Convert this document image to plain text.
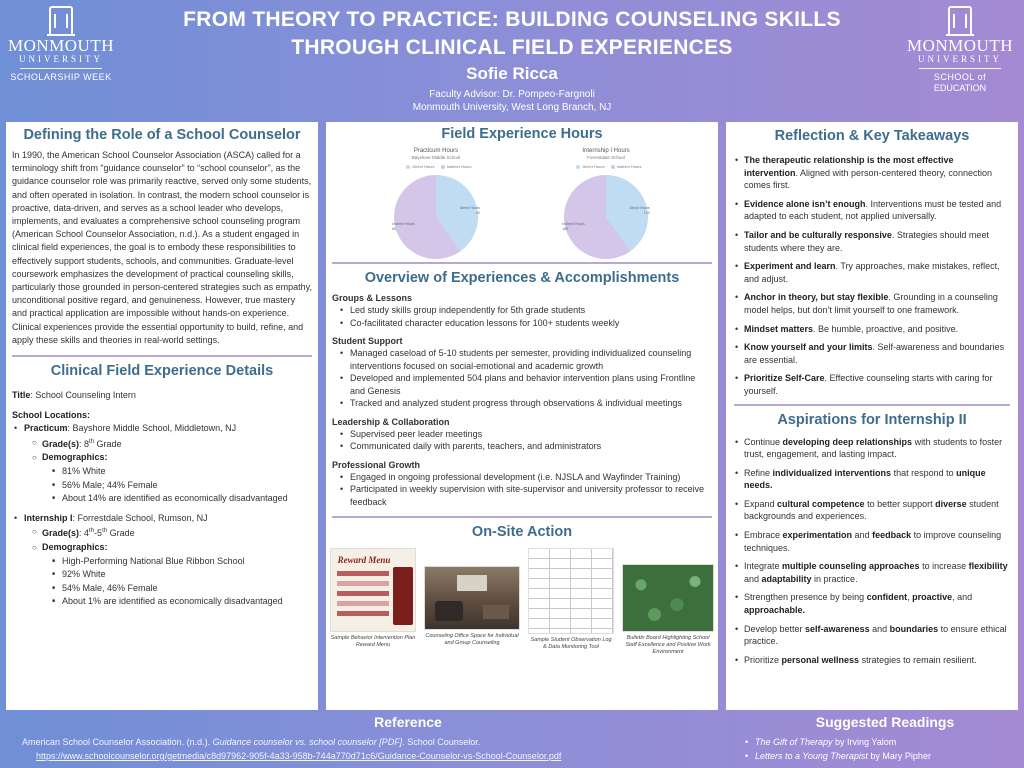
MONMOUTH
UNIVERSITY
SCHOLARSHIP WEEK
FROM THEORY TO PRACTICE: BUILDING COUNSELING SKILLS
THROUGH CLINICAL FIELD EXPERIENCES
Sofie Ricca
Faculty Advisor: Dr. Pompeo-Fargnoli
Monmouth University, West Long Branch, NJ
MONMOUTH
UNIVERSITY
SCHOOL of
EDUCATION
Defining the Role of a School Counselor

In 1990, the American School Counselor Association (ASCA) called for a terminology shift from “guidance counselor” to “school counselor”, as the guidance counselor role was primarily reactive, served only some students, and often operated in isolation. In contrast, the modern school counselor is proactive, data-driven, and serves as a school leader who develops, implements, and evaluates a comprehensive school counseling program (American School Counselor Association, n.d.). As a student engaged in clinical field experiences, the goal is to embody these responsibilities to effectively support students, schools, and communities. Graduate-level coursework emphasizes the development of practical counseling skills, particularly those grounded in person-centered strategies such as empathy, unconditional positive regard, and genuineness. However, true mastery and practical application are impossible without hands-on experience. Clinical experiences provide the essential opportunity to build, refine, and apply these skills and theories in real-world settings.

Clinical Field Experience Details
Title: School Counseling Intern
School Locations:
• Practicum: Bayshore Middle School, Middletown, NJ
○ Grade(s): 8th Grade
○ Demographics:
■ 81% White
■ 56% Male; 44% Female
■ About 14% are identified as economically disadvantaged
• Internship I: Forrestdale School, Rumson, NJ
○ Grade(s): 4th-5th Grade
○ Demographics:
■ High-Performing National Blue Ribbon School
■ 92% White
■ 54% Male, 46% Female
■ About 1% are identified as economically disadvantaged
Field Experience Hours
Practicum Hours
Bayshore Middle School
Direct Hours	Indirect Hours
Direct Hours
40
Indirect Hours
60
Internship I Hours
Forrestdale School
Direct Hours	Indirect Hours
Direct Hours
120
Indirect Hours
180
Overview of Experiences & Accomplishments
Groups & Lessons
• Led study skills group independently for 5th grade students
• Co-facilitated character education lessons for 100+ students weekly
Student Support
• Managed caseload of 5-10 students per semester, providing individualized counseling interventions focused on social-emotional and academic growth
• Developed and implemented 504 plans and behavior intervention plans using Frontline and Genesis
• Tracked and analyzed student progress through observations & individual meetings
Leadership & Collaboration
• Supervised peer leader meetings
• Communicated daily with parents, teachers, and administrators
Professional Growth
• Engaged in ongoing professional development (i.e. NJSLA and Wayfinder Training)
• Participated in weekly supervision with site-supervisor and university professor to receive feedback
On-Site Action
Reward Menu
Sample Behavior Intervention Plan Reward Menu
Counseling Office Space for Individual and Group Counseling	Sample Student Observation Log & Data Monitoring Tool
Bulletin Board Highlighting School Staff Excellence and Positive Work Environment
Reflection & Key Takeaways
• The therapeutic relationship is the most effective intervention. Aligned with person-centered theory, connection comes first.
• Evidence alone isn’t enough. Interventions must be tested and adapted to each student, not applied universally.
• Tailor and be culturally responsive. Strategies should meet students where they are.
• Experiment and learn. Try approaches, make mistakes, reflect, and adjust.
• Anchor in theory, but stay flexible. Grounding in a counseling model helps, but don’t limit yourself to one framework.
• Mindset matters. Be humble, proactive, and positive.
• Know yourself and your limits. Self-awareness and boundaries are essential.
• Prioritize Self-Care. Effective counseling starts with caring for yourself.
Aspirations for Internship II
• Continue developing deep relationships with students to foster trust, engagement, and lasting impact.
• Refine individualized interventions that respond to unique needs.
• Expand cultural competence to better support diverse student backgrounds and experiences.
• Embrace experimentation and feedback to improve counseling techniques.
• Integrate multiple counseling approaches to increase flexibility and adaptability in practice.
• Strengthen presence by being confident, proactive, and approachable.
• Develop better self-awareness and boundaries to ensure ethical practice.
• Prioritize personal wellness strategies to remain resilient.
Reference
American School Counselor Association. (n.d.). Guidance counselor vs. school counselor [PDF]. School Counselor.
https://www.schoolcounselor.org/getmedia/c8d97962-905f-4a33-958b-744a770d71c6/Guidance-Counselor-vs-School-Counselor.pdf
Suggested Readings
• The Gift of Therapy by Irving Yalom
• Letters to a Young Therapist by Mary Pipher
